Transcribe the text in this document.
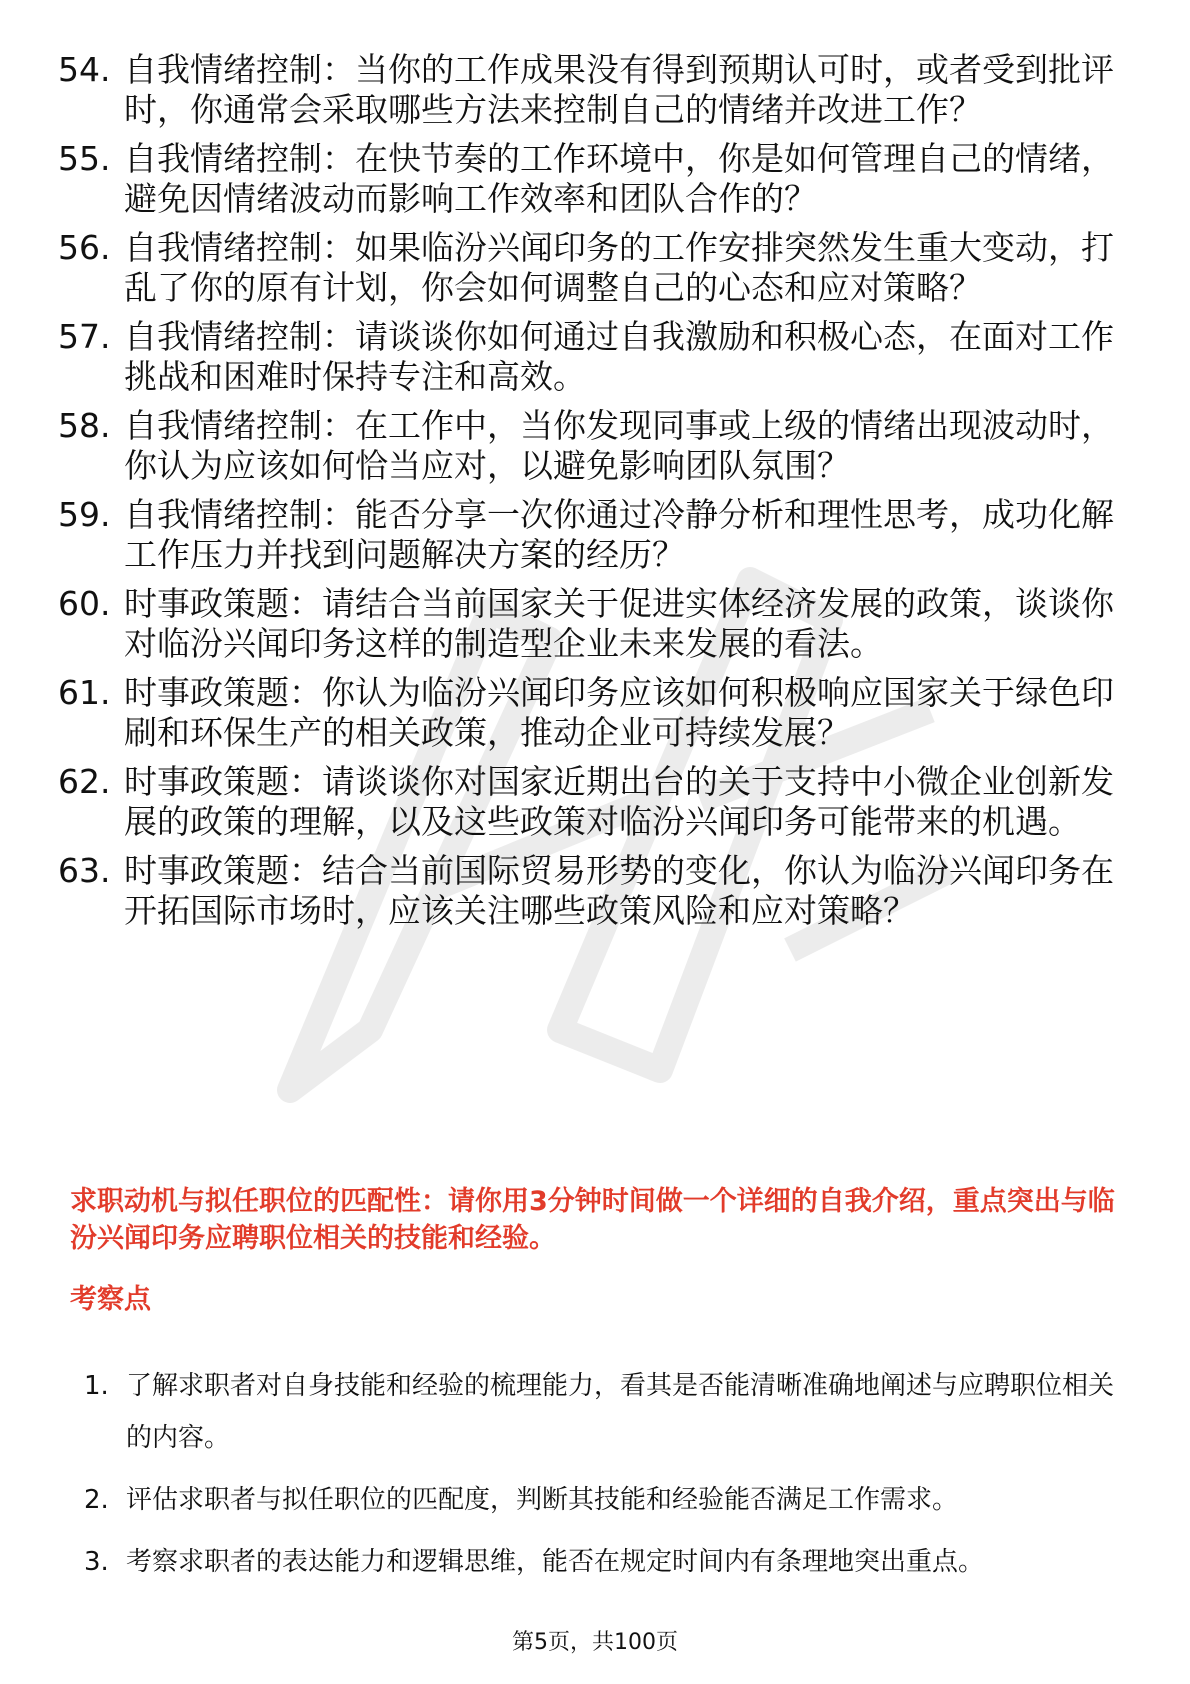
54. 自我情绪控制：当你的工作成果没有得到预期认可时，或者受到批评时，你通常会采取哪些方法来控制自己的情绪并改进工作？
55. 自我情绪控制：在快节奏的工作环境中，你是如何管理自己的情绪，避免因情绪波动而影响工作效率和团队合作的？
56. 自我情绪控制：如果临汾兴闻印务的工作安排突然发生重大变动，打乱了你的原有计划，你会如何调整自己的心态和应对策略？
57. 自我情绪控制：请谈谈你如何通过自我激励和积极心态，在面对工作挑战和困难时保持专注和高效。
58. 自我情绪控制：在工作中，当你发现同事或上级的情绪出现波动时，你认为应该如何恰当应对，以避免影响团队氛围？
59. 自我情绪控制：能否分享一次你通过冷静分析和理性思考，成功化解工作压力并找到问题解决方案的经历？
60. 时事政策题：请结合当前国家关于促进实体经济发展的政策，谈谈你对临汾兴闻印务这样的制造型企业未来发展的看法。
61. 时事政策题：你认为临汾兴闻印务应该如何积极响应国家关于绿色印刷和环保生产的相关政策，推动企业可持续发展？
62. 时事政策题：请谈谈你对国家近期出台的关于支持中小微企业创新发展的政策的理解，以及这些政策对临汾兴闻印务可能带来的机遇。
63. 时事政策题：结合当前国际贸易形势的变化，你认为临汾兴闻印务在开拓国际市场时，应该关注哪些政策风险和应对策略？
求职动机与拟任职位的匹配性：请你用3分钟时间做一个详细的自我介绍，重点突出与临汾兴闻印务应聘职位相关的技能和经验。
考察点
1. 了解求职者对自身技能和经验的梳理能力，看其是否能清晰准确地阐述与应聘职位相关的内容。
2. 评估求职者与拟任职位的匹配度，判断其技能和经验能否满足工作需求。
3. 考察求职者的表达能力和逻辑思维，能否在规定时间内有条理地突出重点。
第5页，共100页
